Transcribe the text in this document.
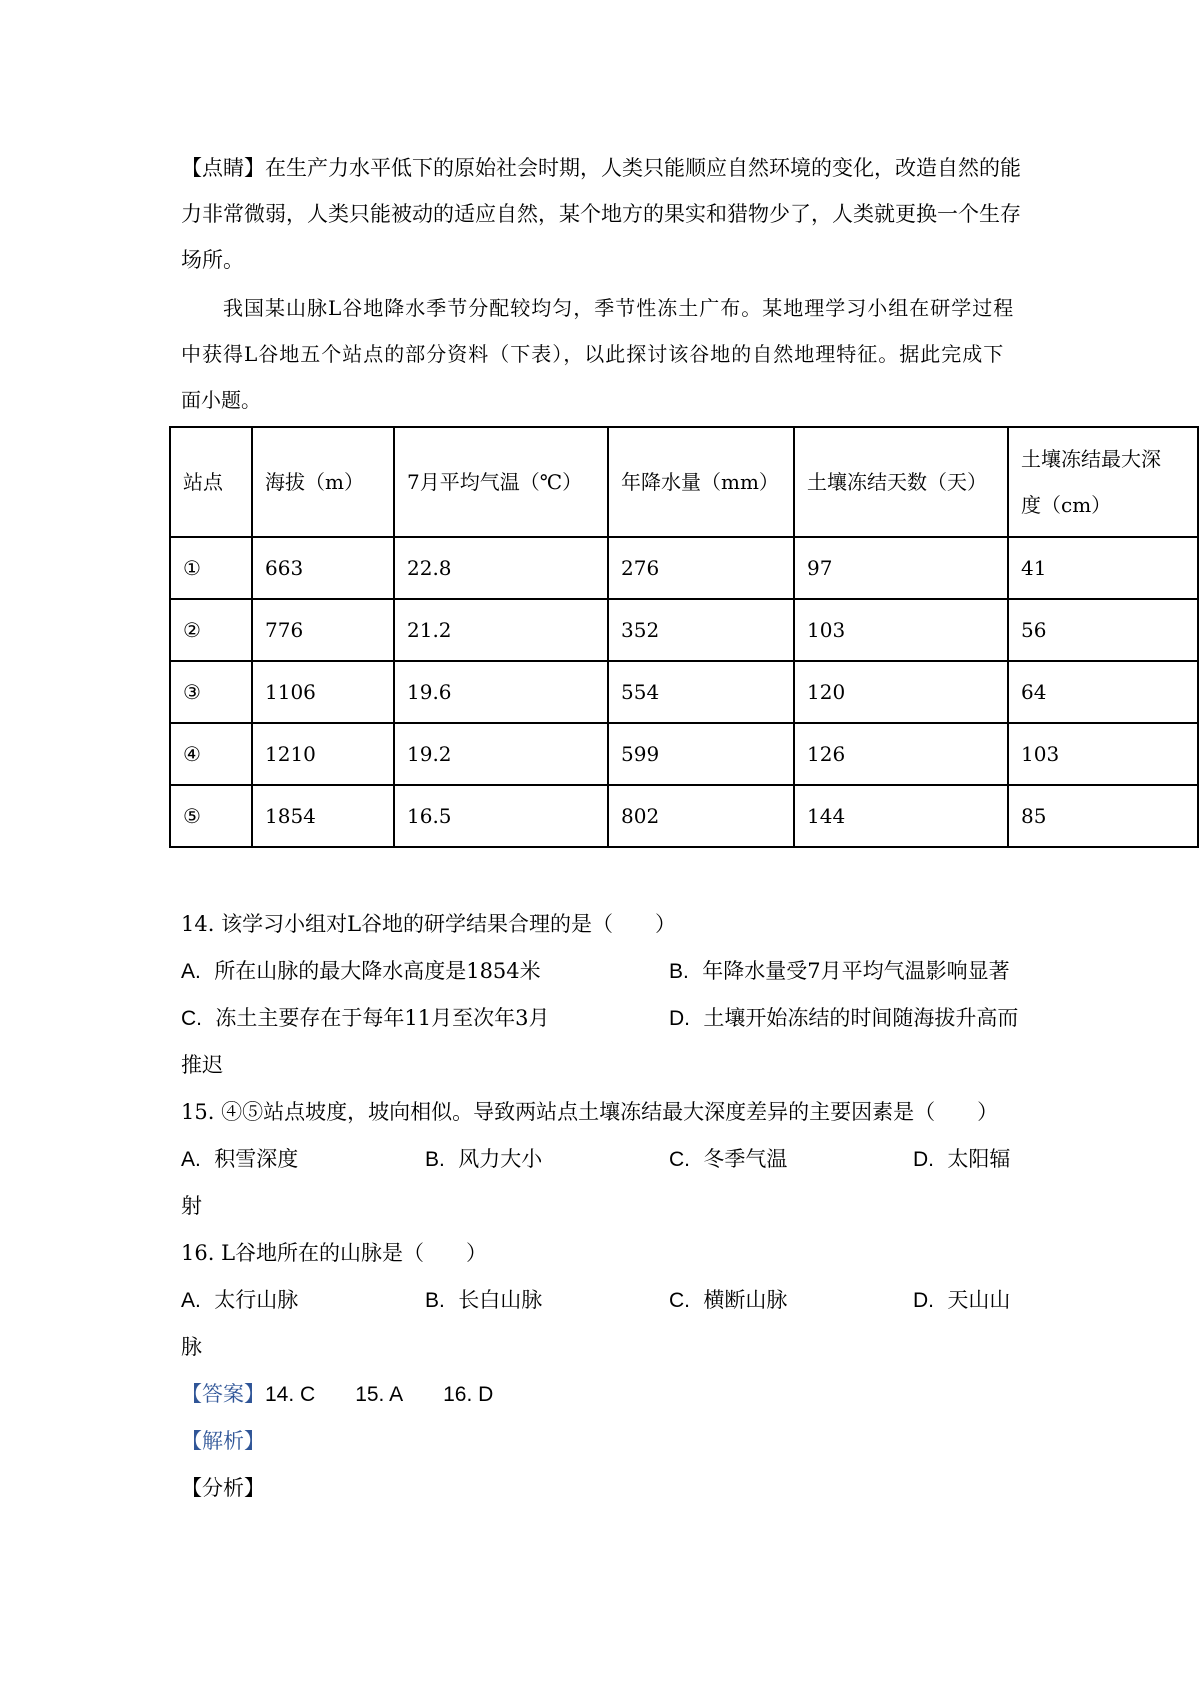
【点睛】在生产力水平低下的原始社会时期，人类只能顺应自然环境的变化，改造自然的能
力非常微弱，人类只能被动的适应自然，某个地方的果实和猎物少了，人类就更换一个生存
场所。
我国某山脉L谷地降水季节分配较均匀，季节性冻土广布。某地理学习小组在研学过程
中获得L谷地五个站点的部分资料（下表），以此探讨该谷地的自然地理特征。据此完成下
面小题。
站点	海拔（m）	7月平均气温（℃）	年降水量（mm）	土壤冻结天数（天）	土壤冻结最大深
度（cm）

①	663	22.8	276	97	41
②	776	21.2	352	103	56
③	1106	19.6	554	120	64
④	1210	19.2	599	126	103
⑤	1854	16.5	802	144	85
14. 该学习小组对L谷地的研学结果合理的是（　　）
A. 所在山脉的最大降水高度是1854米	B. 年降水量受7月平均气温影响显著
C. 冻土主要存在于每年11月至次年3月	D. 土壤开始冻结的时间随海拔升高而
推迟
15. ④⑤站点坡度，坡向相似。导致两站点土壤冻结最大深度差异的主要因素是（　　）
A. 积雪深度	B. 风力大小	C. 冬季气温	D. 太阳辐
射
16. L谷地所在的山脉是（　　）
A. 太行山脉	B. 长白山脉	C. 横断山脉	D. 天山山
脉
【答案】14. C 15. A 16. D
【解析】
【分析】
